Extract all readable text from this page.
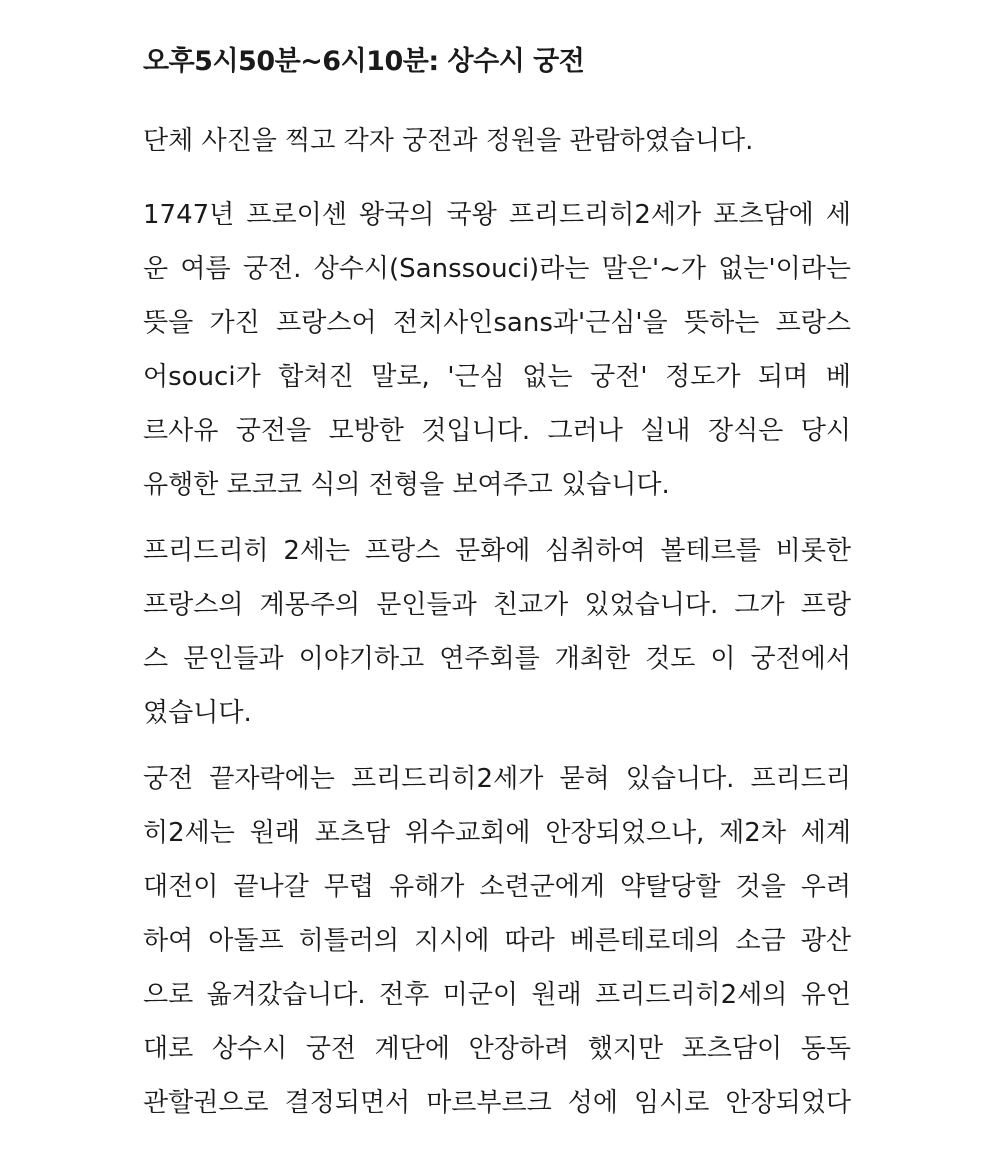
오후5시50분~6시10분: 상수시 궁전
단체 사진을 찍고 각자 궁전과 정원을 관람하였습니다.
1747년 프로이센 왕국의 국왕 프리드리히2세가 포츠담에 세
운 여름 궁전. 상수시(Sanssouci)라는 말은'~가 없는'이라는
뜻을 가진 프랑스어 전치사인sans과'근심'을 뜻하는 프랑스
어souci가 합쳐진 말로, '근심 없는 궁전' 정도가 되며 베
르사유 궁전을 모방한 것입니다. 그러나 실내 장식은 당시
유행한 로코코 식의 전형을 보여주고 있습니다.
프리드리히 2세는 프랑스 문화에 심취하여 볼테르를 비롯한
프랑스의 계몽주의 문인들과 친교가 있었습니다. 그가 프랑
스 문인들과 이야기하고 연주회를 개최한 것도 이 궁전에서
였습니다.
궁전 끝자락에는 프리드리히2세가 묻혀 있습니다. 프리드리
히2세는 원래 포츠담 위수교회에 안장되었으나, 제2차 세계
대전이 끝나갈 무렵 유해가 소련군에게 약탈당할 것을 우려
하여 아돌프 히틀러의 지시에 따라 베른테로데의 소금 광산
으로 옮겨갔습니다. 전후 미군이 원래 프리드리히2세의 유언
대로 상수시 궁전 계단에 안장하려 했지만 포츠담이 동독
관할권으로 결정되면서 마르부르크 성에 임시로 안장되었다
